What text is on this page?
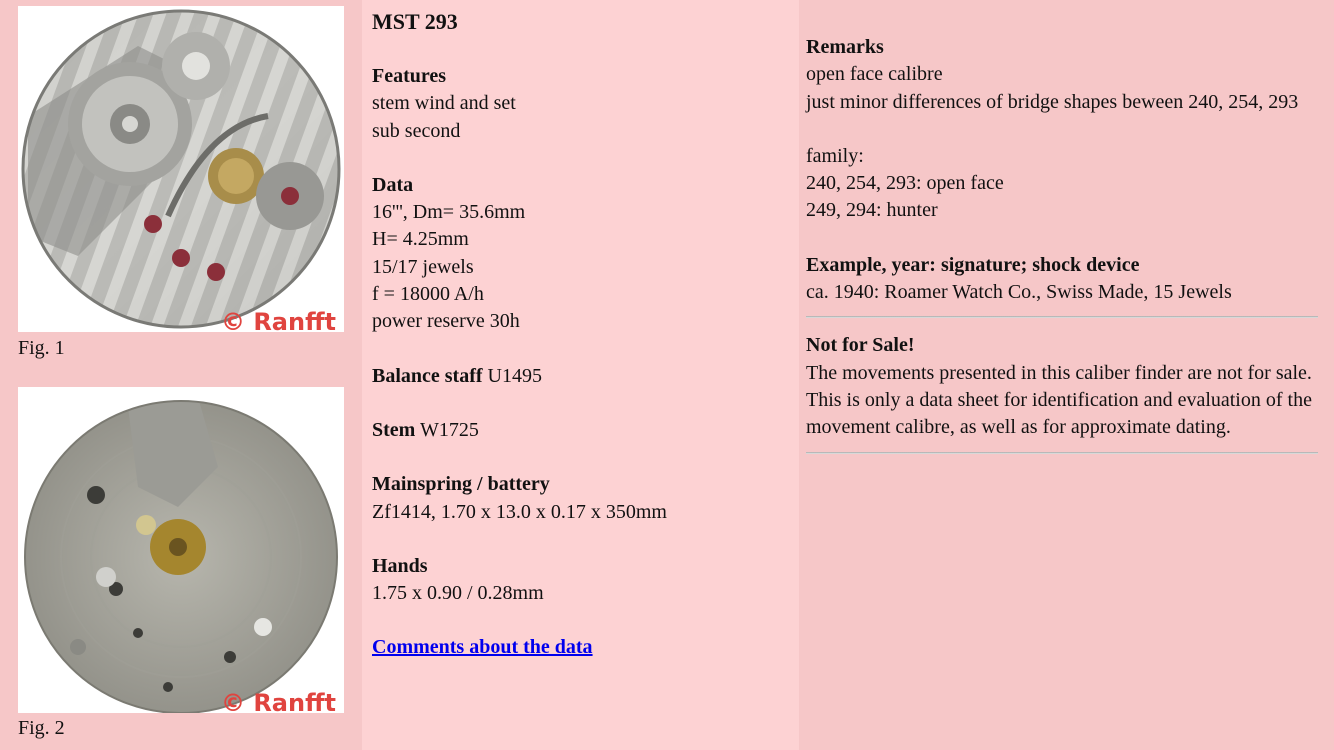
© Ranfft
Fig. 1
© Ranfft
Fig. 2
MST 293
Features
stem wind and set
sub second
Data
16''', Dm= 35.6mm
H= 4.25mm
15/17 jewels
f = 18000 A/h
power reserve 30h
Balance staff U1495
Stem W1725
Mainspring / battery
Zf1414, 1.70 x 13.0 x 0.17 x 350mm
Hands
1.75 x 0.90 / 0.28mm
Comments about the data
Remarks
open face calibre
just minor differences of bridge shapes beween 240, 254, 293
family:
240, 254, 293: open face
249, 294: hunter
Example, year: signature; shock device
ca. 1940: Roamer Watch Co., Swiss Made, 15 Jewels
Not for Sale!
The movements presented in this caliber finder are not for sale. This is only a data sheet for identification and evaluation of the movement calibre, as well as for approximate dating.
